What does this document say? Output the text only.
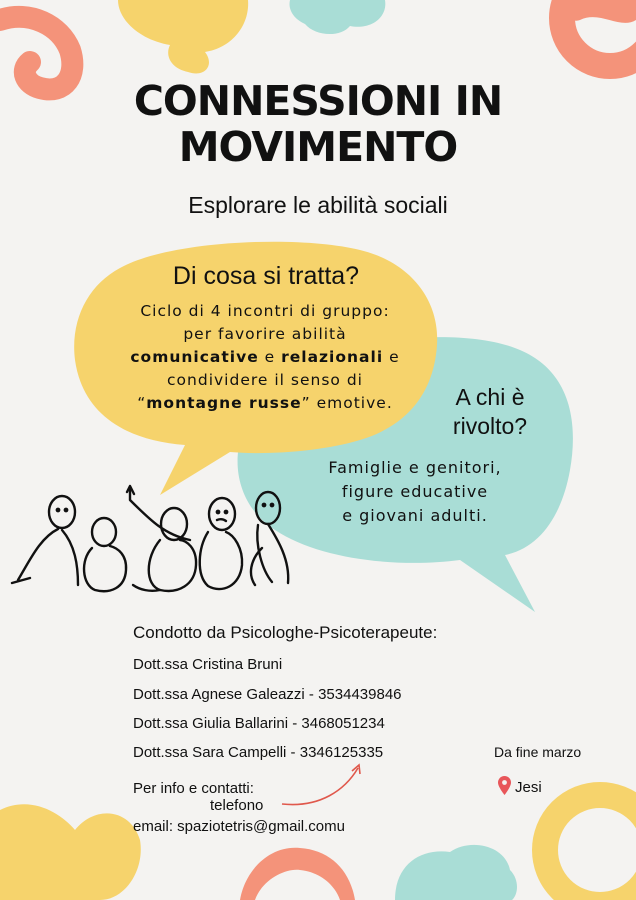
CONNESSIONI IN
MOVIMENTO
Esplorare le abilità sociali
Di cosa si tratta?
Ciclo di 4 incontri di gruppo:
per favorire abilità
comunicative e relazionali e
condividere il senso di
“montagne russe” emotive.	A chi è
rivolto?
Famiglie e genitori,
figure educative
e giovani adulti.
Condotto da Psicologhe-Psicoterapeute:
Dott.ssa Cristina Bruni
Dott.ssa Agnese Galeazzi - 3534439846
Dott.ssa Giulia Ballarini - 3468051234
Dott.ssa Sara Campelli - 3346125335
Per info e contatti:
telefono
email: spaziotetris@gmail.comu
Da fine marzo
Jesi
